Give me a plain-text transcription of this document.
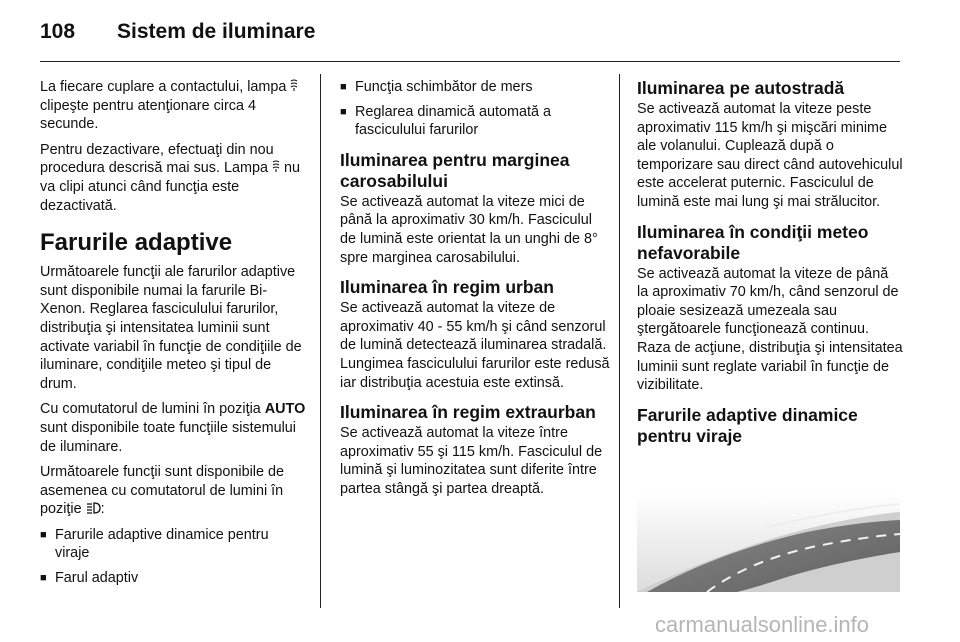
108 Sistem de iluminare

La fiecare cuplare a contactului, lampa  clipeşte pentru atenţionare circa 4 secunde.

Pentru dezactivare, efectuaţi din nou procedura descrisă mai sus. Lampa  nu va clipi atunci când funcţia este dezactivată.

Farurile adaptive

Următoarele funcţii ale farurilor adaptive sunt disponibile numai la farurile Bi-Xenon. Reglarea fasciculului farurilor, distribuţia şi intensitatea luminii sunt activate variabil în funcţie de condiţiile de iluminare, condiţiile meteo şi tipul de drum.

Cu comutatorul de lumini în poziţia AUTO sunt disponibile toate funcţiile sistemului de iluminare.

Următoarele funcţii sunt disponibile de asemenea cu comutatorul de lumini în poziţie :

■ Farurile adaptive dinamice pentru viraje
■ Farul adaptiv
■ Funcţia schimbător de mers
■ Reglarea dinamică automată a fasciculului farurilor
Iluminarea pentru marginea carosabilului

Se activează automat la viteze mici de până la aproximativ 30 km/h. Fasciculul de lumină este orientat la un unghi de 8° spre marginea carosabilului.

Iluminarea în regim urban

Se activează automat la viteze de aproximativ 40 - 55 km/h şi când senzorul de lumină detectează iluminarea stradală. Lungimea fasciculului farurilor este redusă iar distribuţia acestuia este extinsă.

Iluminarea în regim extraurban

Se activează automat la viteze între aproximativ 55 şi 115 km/h. Fasciculul de lumină şi luminozitatea sunt diferite între partea stângă şi partea dreaptă.

Iluminarea pe autostradă

Se activează automat la viteze peste aproximativ 115 km/h şi mişcări minime ale volanului. Cuplează după o temporizare sau direct când autovehiculul este accelerat puternic. Fasciculul de lumină este mai lung şi mai strălucitor.

Iluminarea în condiţii meteo nefavorabile

Se activează automat la viteze de până la aproximativ 70 km/h, când senzorul de ploaie sesizează umezeala sau ştergătoarele funcţionează continuu. Raza de acţiune, distribuţia şi intensitatea luminii sunt reglate variabil în funcţie de vizibilitate.

Farurile adaptive dinamice pentru viraje
carmanualsonline.info
